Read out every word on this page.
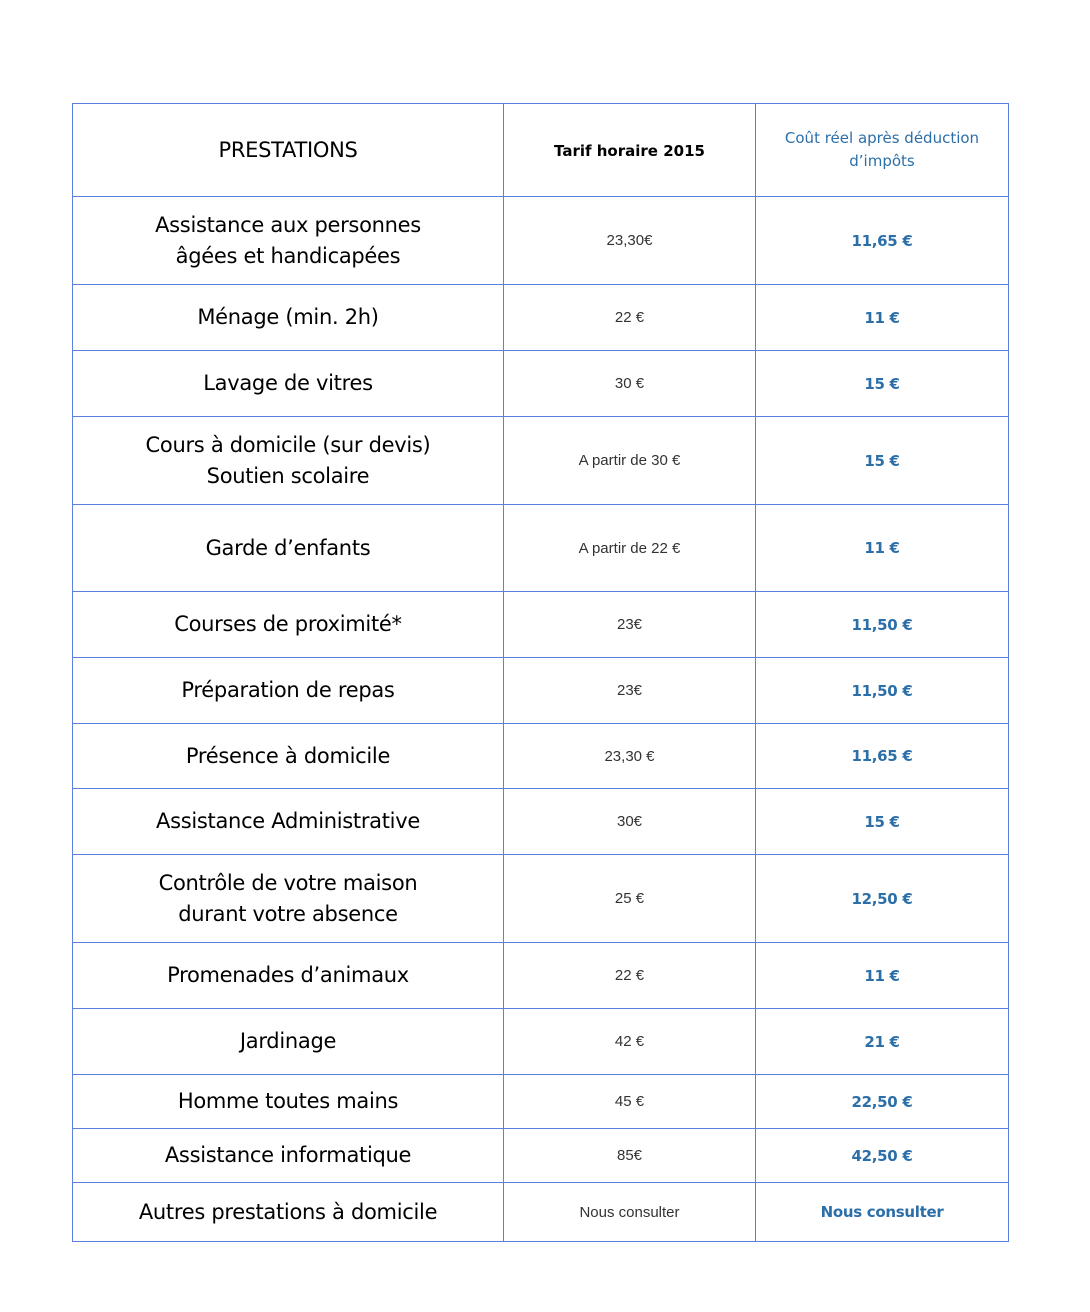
PRESTATIONS	Tarif horaire 2015	Coût réel après déduction
d’impôts

Assistance aux personnes
âgées et handicapées	23,30€	11,65 €

Ménage (min. 2h)	22 €	11 €

Lavage de vitres	30 €	15 €

Cours à domicile (sur devis)
Soutien scolaire	A partir de 30 €	15 €

Garde d’enfants	A partir de 22 €	11 €

Courses de proximité*	23€	11,50 €

Préparation de repas	23€	11,50 €

Présence à domicile	23,30 €	11,65 €

Assistance Administrative	30€	15 €

Contrôle de votre maison
durant votre absence	25 €	12,50 €

Promenades d’animaux	22 €	11 €

Jardinage	42 €	21 €

Homme toutes mains	45 €	22,50 €

Assistance informatique	85€	42,50 €

Autres prestations à domicile	Nous consulter	Nous consulter
